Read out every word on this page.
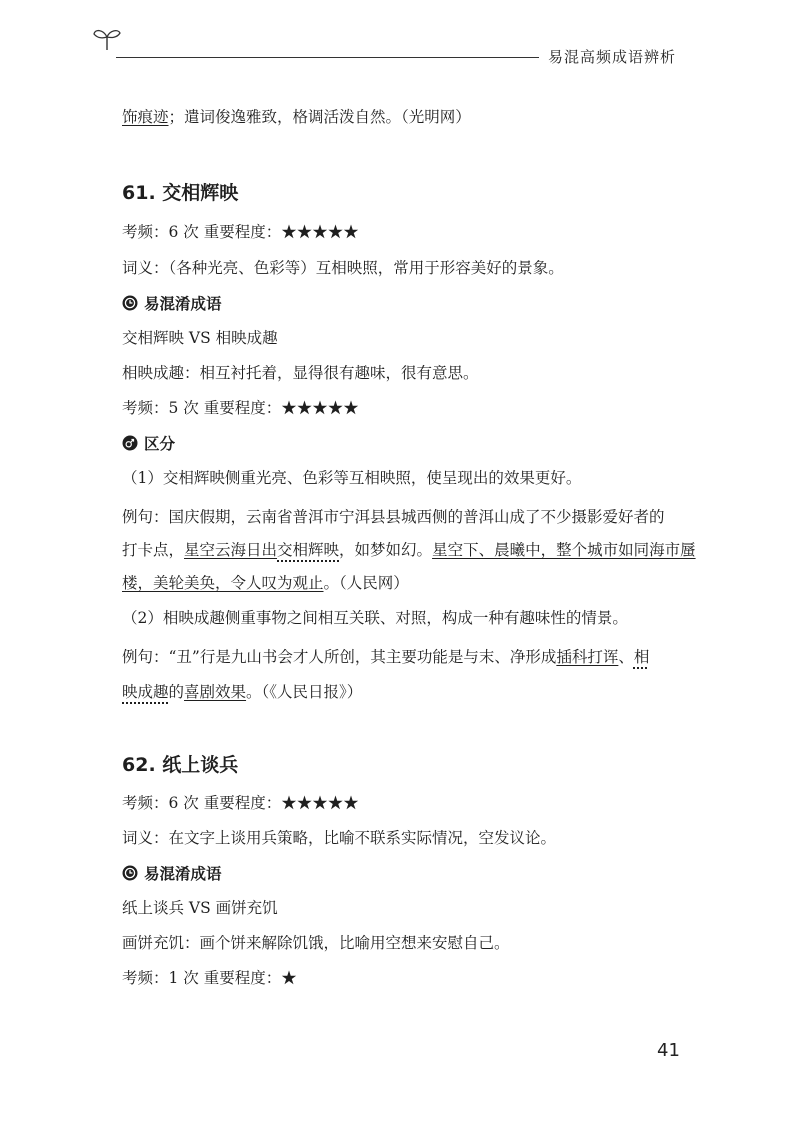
易混高频成语辨析
饰痕迹；遣词俊逸雅致，格调活泼自然。（光明网）
61. 交相辉映
考频：6 次 重要程度：★★★★★
词义：（各种光亮、色彩等）互相映照，常用于形容美好的景象。
易混淆成语
交相辉映 VS 相映成趣
相映成趣：相互衬托着，显得很有趣味，很有意思。
考频：5 次 重要程度：★★★★★
区分
（1）交相辉映侧重光亮、色彩等互相映照，使呈现出的效果更好。
例句：国庆假期，云南省普洱市宁洱县县城西侧的普洱山成了不少摄影爱好者的
打卡点，星空云海日出交相辉映，如梦如幻。星空下、晨曦中，整个城市如同海市蜃
楼，美轮美奂，令人叹为观止。（人民网）
（2）相映成趣侧重事物之间相互关联、对照，构成一种有趣味性的情景。
例句：“丑”行是九山书会才人所创，其主要功能是与末、净形成插科打诨、相
映成趣的喜剧效果。（《人民日报》）
62. 纸上谈兵
考频：6 次 重要程度：★★★★★
词义：在文字上谈用兵策略，比喻不联系实际情况，空发议论。
易混淆成语
纸上谈兵 VS 画饼充饥
画饼充饥：画个饼来解除饥饿，比喻用空想来安慰自己。
考频：1 次 重要程度：★
41
